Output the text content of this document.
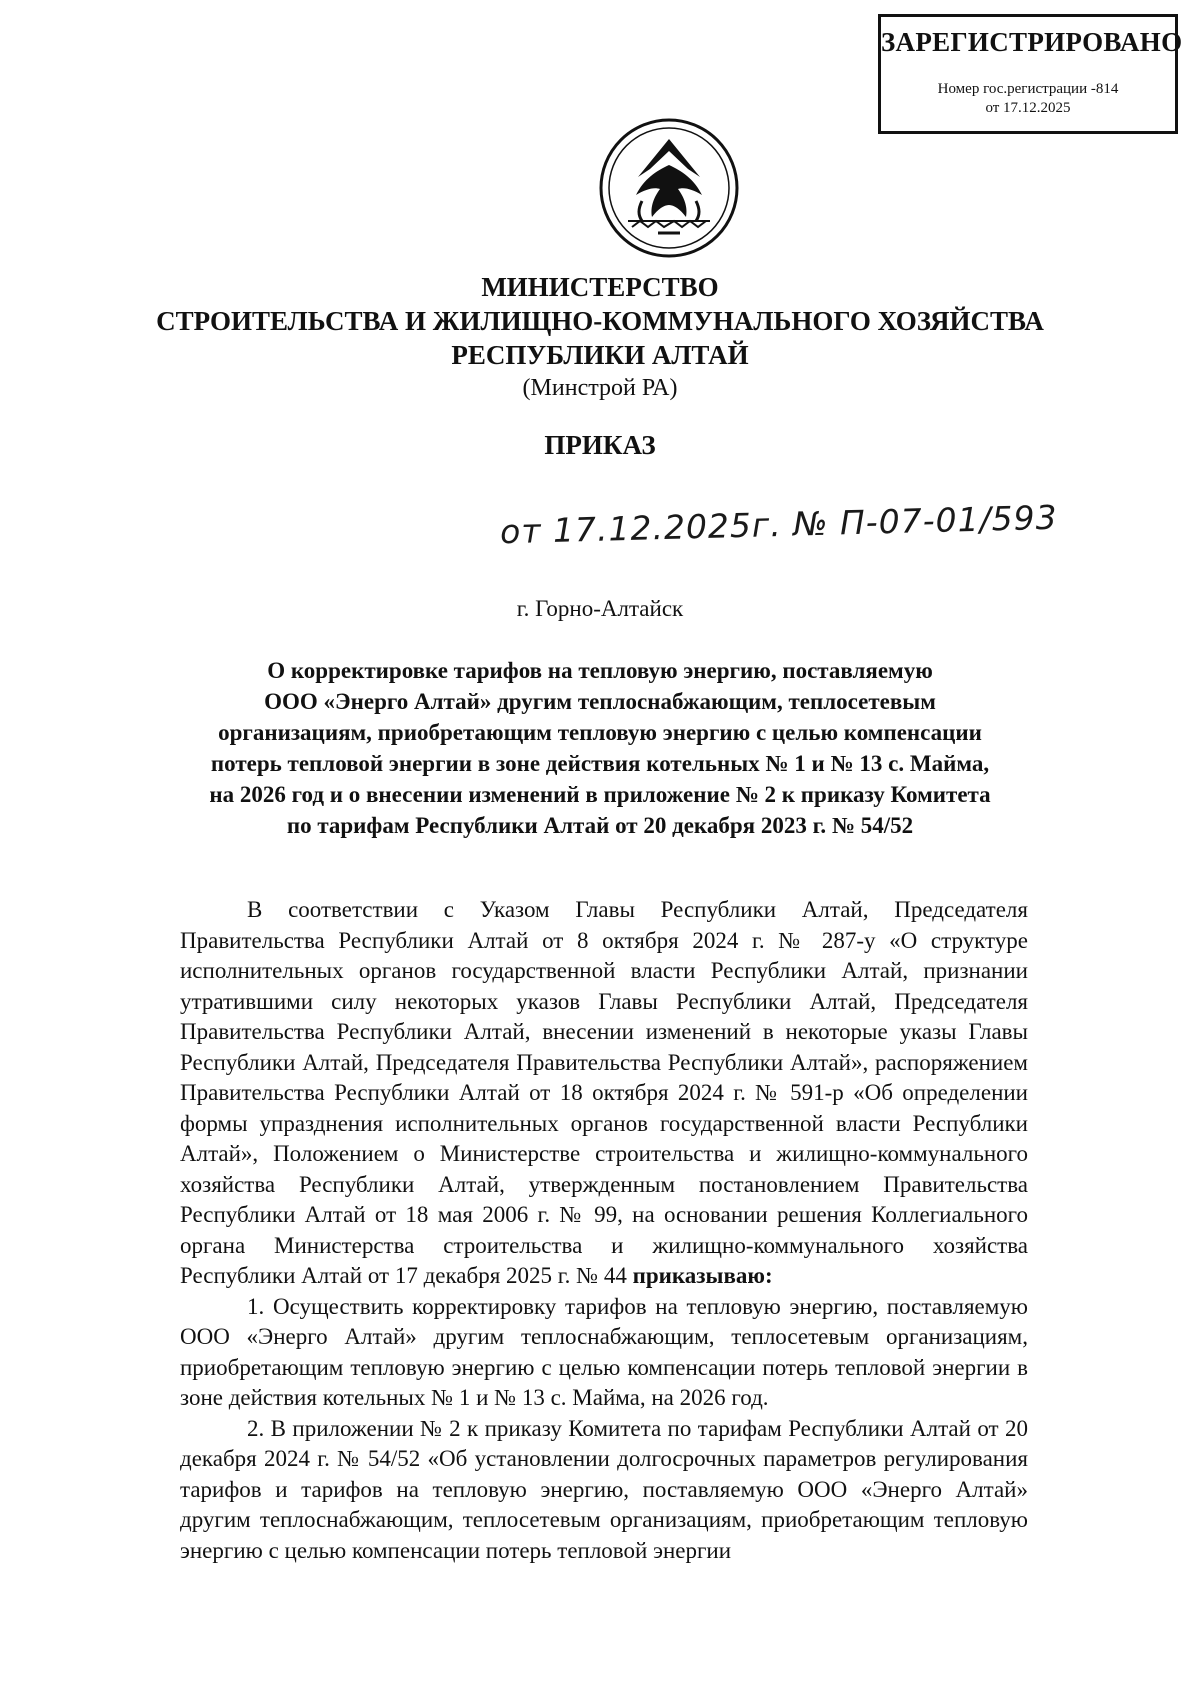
ЗАРЕГИСТРИРОВАНО
Номер гос.регистрации -814
от 17.12.2025
МИНИСТЕРСТВО
СТРОИТЕЛЬСТВА И ЖИЛИЩНО-КОММУНАЛЬНОГО ХОЗЯЙСТВА
РЕСПУБЛИКИ АЛТАЙ
(Минстрой РА)
ПРИКАЗ
от 17.12.2025г. № П-07-01/593
г. Горно-Алтайск
О корректировке тарифов на тепловую энергию, поставляемую
ООО «Энерго Алтай» другим теплоснабжающим, теплосетевым
организациям, приобретающим тепловую энергию с целью компенсации
потерь тепловой энергии в зоне действия котельных № 1 и № 13 с. Майма,
на 2026 год и о внесении изменений в приложение № 2 к приказу Комитета
по тарифам Республики Алтай от 20 декабря 2023 г. № 54/52

В соответствии с Указом Главы Республики Алтай, Председателя Правительства Республики Алтай от 8 октября 2024 г. № 287-у «О структуре исполнительных органов государственной власти Республики Алтай, признании утратившими силу некоторых указов Главы Республики Алтай, Председателя Правительства Республики Алтай, внесении изменений в некоторые указы Главы Республики Алтай, Председателя Правительства Республики Алтай», распоряжением Правительства Республики Алтай от 18 октября 2024 г. № 591-р «Об определении формы упразднения исполнительных органов государственной власти Республики Алтай», Положением о Министерстве строительства и жилищно-коммунального хозяйства Республики Алтай, утвержденным постановлением Правительства Республики Алтай от 18 мая 2006 г. № 99, на основании решения Коллегиального органа Министерства строительства и жилищно-коммунального хозяйства Республики Алтай от 17 декабря 2025 г. № 44 приказываю:

1. Осуществить корректировку тарифов на тепловую энергию, поставляемую ООО «Энерго Алтай» другим теплоснабжающим, теплосетевым организациям, приобретающим тепловую энергию с целью компенсации потерь тепловой энергии в зоне действия котельных № 1 и № 13 с. Майма, на 2026 год.

2. В приложении № 2 к приказу Комитета по тарифам Республики Алтай от 20 декабря 2024 г. № 54/52 «Об установлении долгосрочных параметров регулирования тарифов и тарифов на тепловую энергию, поставляемую ООО «Энерго Алтай» другим теплоснабжающим, теплосетевым организациям, приобретающим тепловую энергию с целью компенсации потерь тепловой энергии
